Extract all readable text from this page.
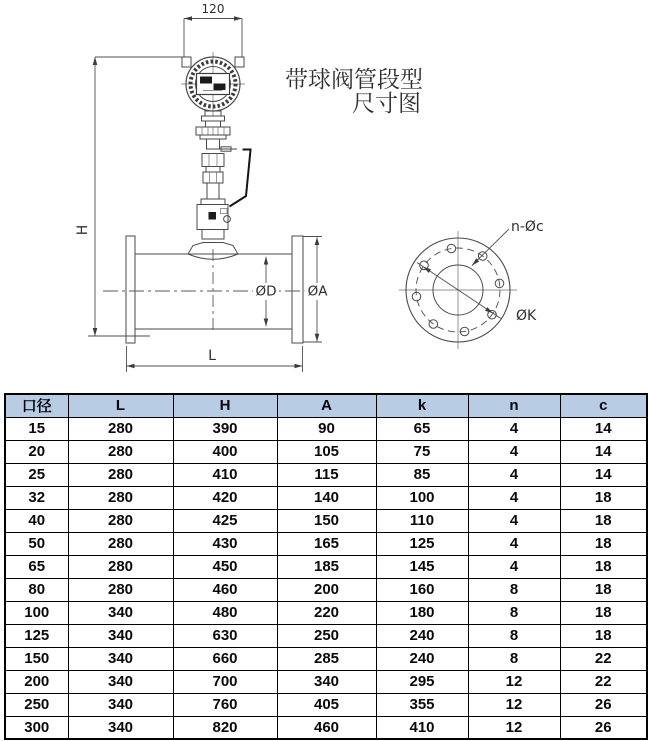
120
H
ØD ØA
L
带球阀管段型
尺寸图
n-Øc
ØK
口径	L	H	A	k	n	c
15	280	390	90	65	4	14
20	280	400	105	75	4	14
25	280	410	115	85	4	14
32	280	420	140	100	4	18
40	280	425	150	110	4	18
50	280	430	165	125	4	18
65	280	450	185	145	4	18
80	280	460	200	160	8	18
100	340	480	220	180	8	18
125	340	630	250	240	8	18
150	340	660	285	240	8	22
200	340	700	340	295	12	22
250	340	760	405	355	12	26
300	340	820	460	410	12	26
